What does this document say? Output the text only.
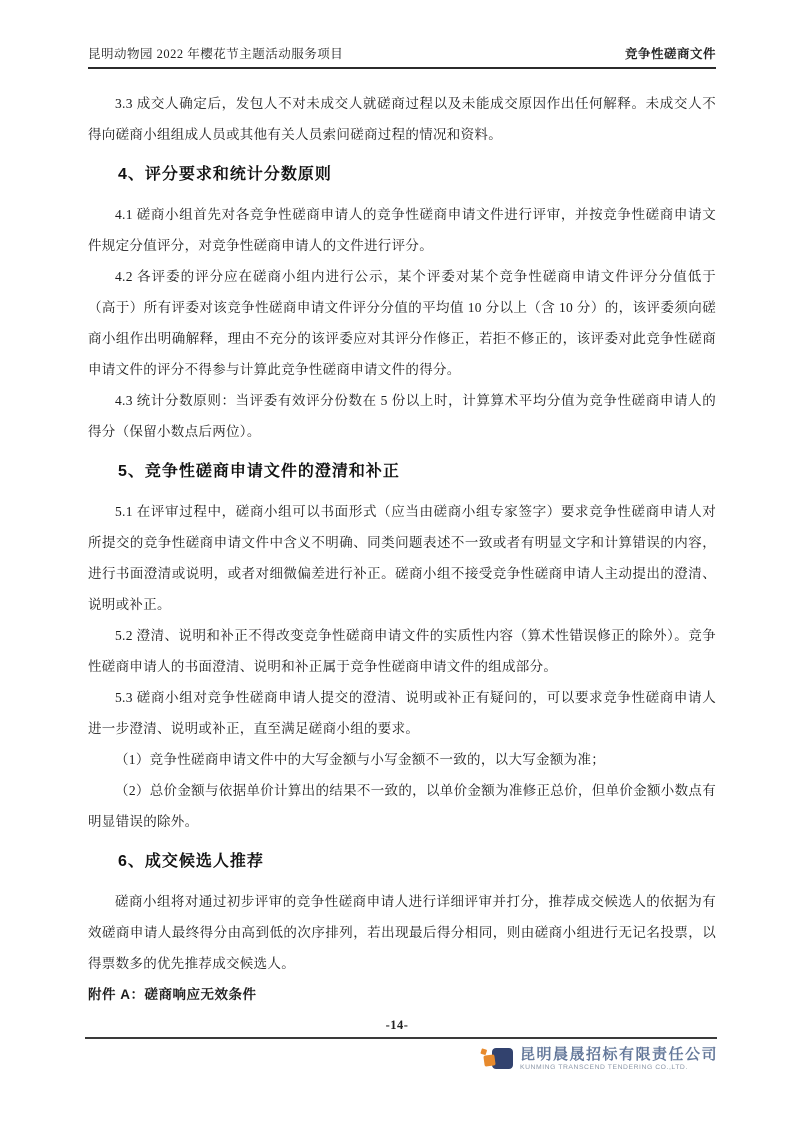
昆明动物园 2022 年樱花节主题活动服务项目	竞争性磋商文件

3.3 成交人确定后，发包人不对未成交人就磋商过程以及未能成交原因作出任何解释。未成交人不得向磋商小组组成人员或其他有关人员索问磋商过程的情况和资料。

4、评分要求和统计分数原则

4.1 磋商小组首先对各竞争性磋商申请人的竞争性磋商申请文件进行评审，并按竞争性磋商申请文件规定分值评分，对竞争性磋商申请人的文件进行评分。

4.2 各评委的评分应在磋商小组内进行公示，某个评委对某个竞争性磋商申请文件评分分值低于（高于）所有评委对该竞争性磋商申请文件评分分值的平均值 10 分以上（含 10 分）的，该评委须向磋商小组作出明确解释，理由不充分的该评委应对其评分作修正，若拒不修正的，该评委对此竞争性磋商申请文件的评分不得参与计算此竞争性磋商申请文件的得分。

4.3 统计分数原则：当评委有效评分份数在 5 份以上时，计算算术平均分值为竞争性磋商申请人的得分（保留小数点后两位）。

5、竞争性磋商申请文件的澄清和补正

5.1 在评审过程中，磋商小组可以书面形式（应当由磋商小组专家签字）要求竞争性磋商申请人对所提交的竞争性磋商申请文件中含义不明确、同类问题表述不一致或者有明显文字和计算错误的内容，进行书面澄清或说明，或者对细微偏差进行补正。磋商小组不接受竞争性磋商申请人主动提出的澄清、说明或补正。

5.2 澄清、说明和补正不得改变竞争性磋商申请文件的实质性内容（算术性错误修正的除外）。竞争性磋商申请人的书面澄清、说明和补正属于竞争性磋商申请文件的组成部分。

5.3 磋商小组对竞争性磋商申请人提交的澄清、说明或补正有疑问的，可以要求竞争性磋商申请人进一步澄清、说明或补正，直至满足磋商小组的要求。

（1）竞争性磋商申请文件中的大写金额与小写金额不一致的，以大写金额为准；

（2）总价金额与依据单价计算出的结果不一致的，以单价金额为准修正总价，但单价金额小数点有明显错误的除外。

6、成交候选人推荐

磋商小组将对通过初步评审的竞争性磋商申请人进行详细评审并打分，推荐成交候选人的依据为有效磋商申请人最终得分由高到低的次序排列，若出现最后得分相同，则由磋商小组进行无记名投票，以得票数多的优先推荐成交候选人。

附件 A：磋商响应无效条件

-14-
昆明晨晟招标有限责任公司
KUNMING TRANSCEND TENDERING CO.,LTD.
